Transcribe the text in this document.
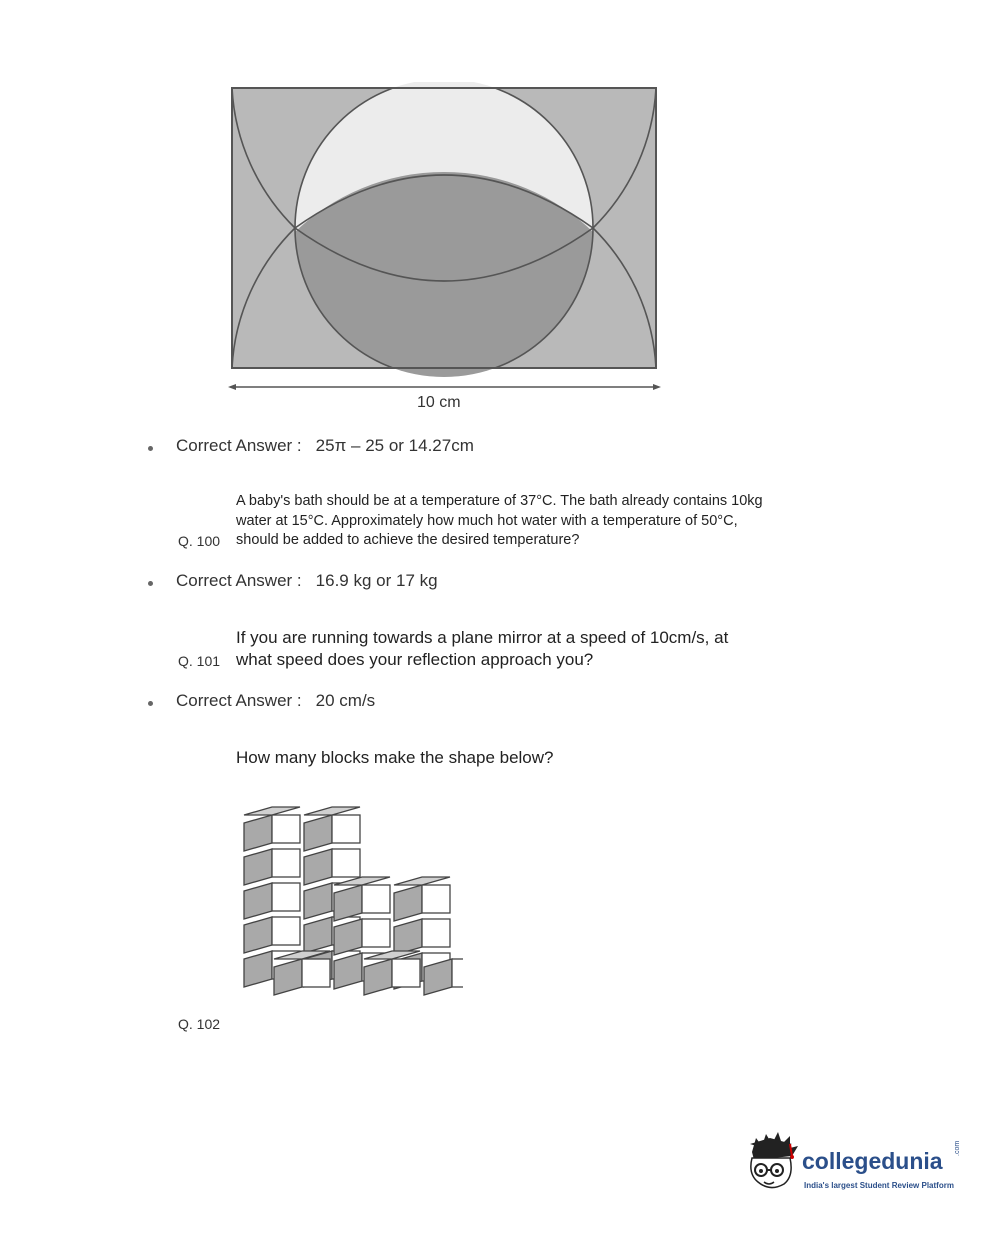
10 cm
Correct Answer : 25π – 25 or 14.27cm
A baby's bath should be at a temperature of 37°C. The bath already contains 10kg
water at 15°C. Approximately how much hot water with a temperature of 50°C,
should be added to achieve the desired temperature?
Q. 100
Correct Answer : 16.9 kg or 17 kg
If you are running towards a plane mirror at a speed of 10cm/s, at
what speed does your reflection approach you?
Q. 101
Correct Answer : 20 cm/s
How many blocks make the shape below?
Q. 102
collegedunia .com
India's largest Student Review Platform
